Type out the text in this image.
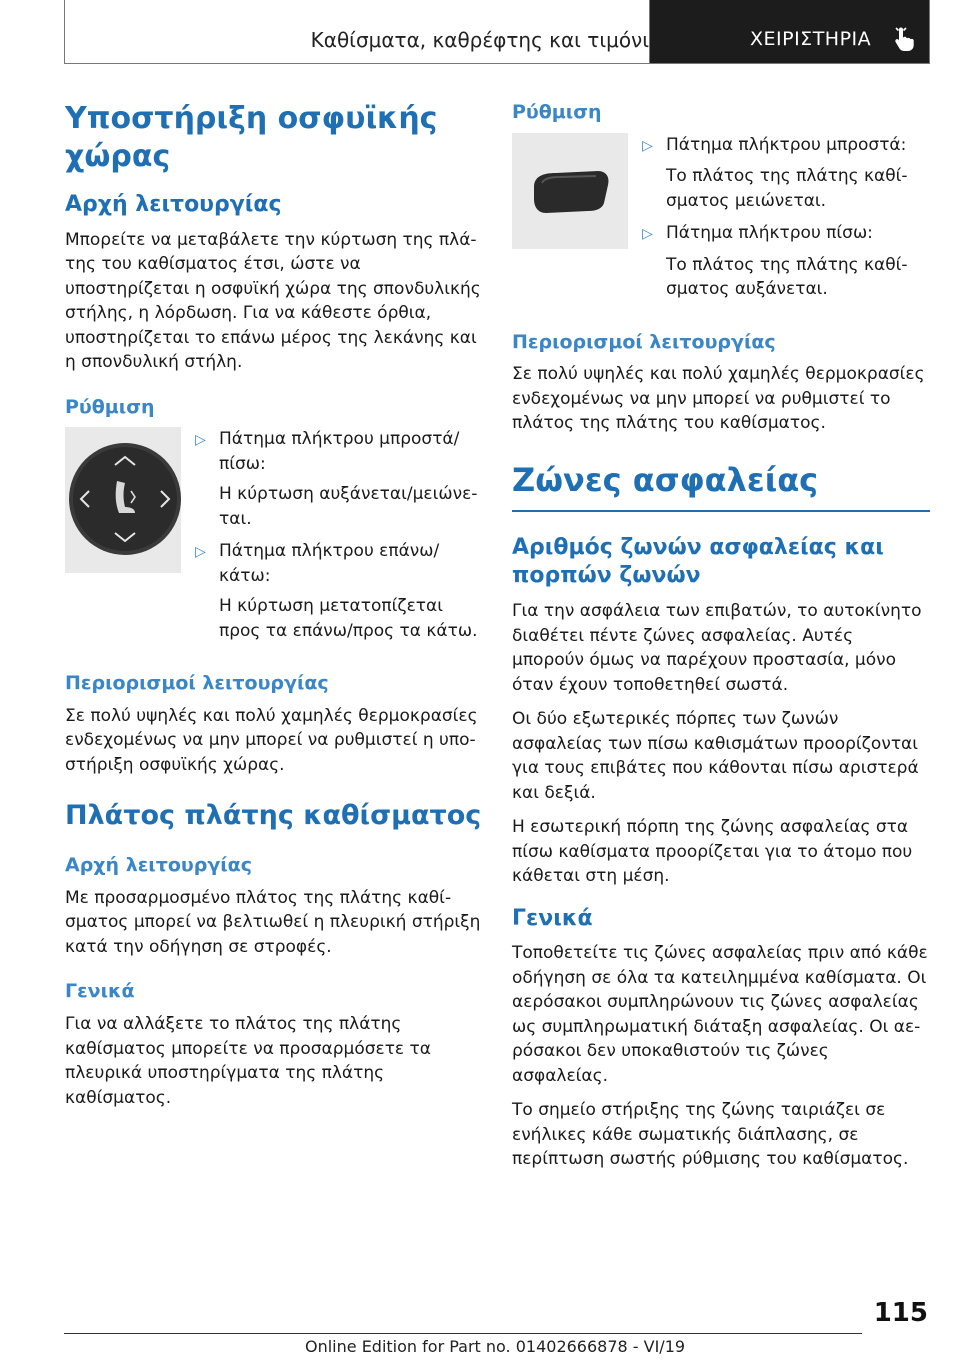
Καθίσματα, καθρέφτης και τιμόνι	ΧΕΙΡΙΣΤΗΡΙΑ
Υποστήριξη οσφυϊκής χώρας
Αρχή λειτουργίας

Μπορείτε να μεταβάλετε την κύρτωση της πλάτης του καθίσματος έτσι, ώστε να υποστηρίζεται η οσφυϊκή χώρα της σπονδυλικής στήλης, η λόρδωση. Για να κάθεστε όρθια, υποστηρίζεται το επάνω μέρος της λεκάνης και η σπονδυλική στήλη.

Ρύθμιση
▷ Πάτημα πλήκτρου μπροστά/ πίσω:
Η κύρτωση αυξάνεται/μειώνεται.
▷ Πάτημα πλήκτρου επάνω/ κάτω:
Η κύρτωση μετατοπίζεται προς τα επάνω/προς τα κάτω.
Περιορισμοί λειτουργίας

Σε πολύ υψηλές και πολύ χαμηλές θερμοκρασίες ενδεχομένως να μην μπορεί να ρυθμιστεί η υποστήριξη οσφυϊκής χώρας.

Πλάτος πλάτης καθίσματος
Αρχή λειτουργίας

Με προσαρμοσμένο πλάτος της πλάτης καθίσματος μπορεί να βελτιωθεί η πλευρική στήριξη κατά την οδήγηση σε στροφές.

Γενικά

Για να αλλάξετε το πλάτος της πλάτης καθίσματος μπορείτε να προσαρμόσετε τα πλευρικά υποστηρίγματα της πλάτης καθίσματος.

Ρύθμιση
▷ Πάτημα πλήκτρου μπροστά:
Το πλάτος της πλάτης καθίσματος μειώνεται.
▷ Πάτημα πλήκτρου πίσω:
Το πλάτος της πλάτης καθίσματος αυξάνεται.
Περιορισμοί λειτουργίας

Σε πολύ υψηλές και πολύ χαμηλές θερμοκρασίες ενδεχομένως να μην μπορεί να ρυθμιστεί το πλάτος της πλάτης του καθίσματος.

Ζώνες ασφαλείας
Αριθμός ζωνών ασφαλείας και πορπών ζωνών

Για την ασφάλεια των επιβατών, το αυτοκίνητο διαθέτει πέντε ζώνες ασφαλείας. Αυτές μπορούν όμως να παρέχουν προστασία, μόνο όταν έχουν τοποθετηθεί σωστά.

Οι δύο εξωτερικές πόρπες των ζωνών ασφαλείας των πίσω καθισμάτων προορίζονται για τους επιβάτες που κάθονται πίσω αριστερά και δεξιά.

Η εσωτερική πόρπη της ζώνης ασφαλείας στα πίσω καθίσματα προορίζεται για το άτομο που κάθεται στη μέση.

Γενικά

Τοποθετείτε τις ζώνες ασφαλείας πριν από κάθε οδήγηση σε όλα τα κατειλημμένα καθίσματα. Οι αερόσακοι συμπληρώνουν τις ζώνες ασφαλείας ως συμπληρωματική διάταξη ασφαλείας. Οι αερόσακοι δεν υποκαθιστούν τις ζώνες ασφαλείας.

Το σημείο στήριξης της ζώνης ταιριάζει σε ενήλικες κάθε σωματικής διάπλασης, σε περίπτωση σωστής ρύθμισης του καθίσματος.

115
Online Edition for Part no. 01402666878 - VI/19
